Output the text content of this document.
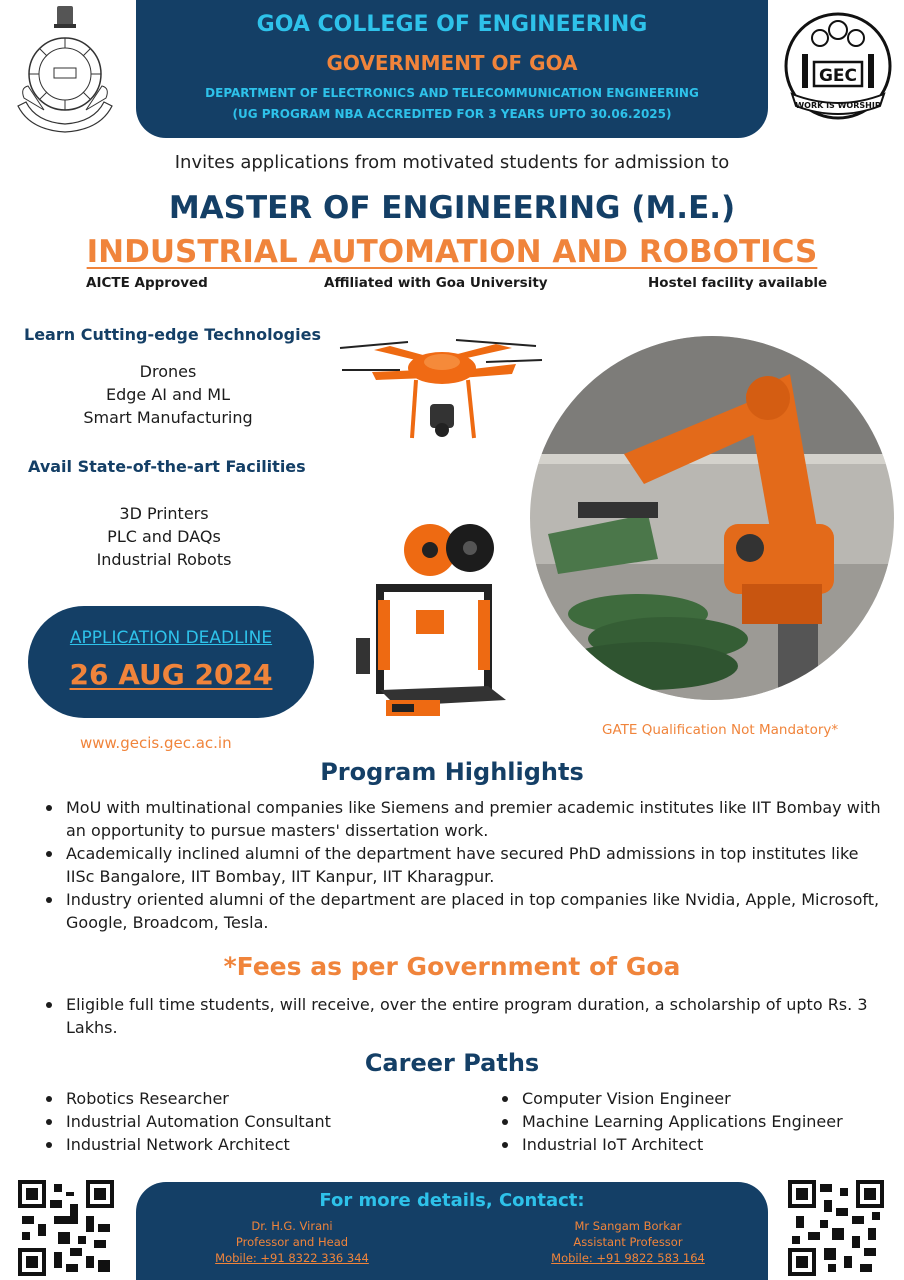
GOA COLLEGE OF ENGINEERING
GOVERNMENT OF GOA
DEPARTMENT OF ELECTRONICS AND TELECOMMUNICATION ENGINEERING
(UG PROGRAM NBA ACCREDITED FOR 3 YEARS UPTO 30.06.2025)
GEC
WORK IS WORSHIP
Invites applications from motivated students for admission to
MASTER OF ENGINEERING (M.E.)
INDUSTRIAL AUTOMATION AND ROBOTICS
AICTE Approved	Affiliated with Goa University	Hostel facility available
Learn Cutting-edge Technologies
Drones
Edge AI and ML
Smart Manufacturing
Avail State-of-the-art Facilities
3D Printers
PLC and DAQs
Industrial Robots
APPLICATION DEADLINE
26 AUG 2024
www.gecis.gec.ac.in
GATE Qualification Not Mandatory*
Program Highlights
MoU with multinational companies like Siemens and premier academic institutes like IIT Bombay with an opportunity to pursue masters' dissertation work.
Academically inclined alumni of the department have secured PhD admissions in top institutes like IISc Bangalore, IIT Bombay, IIT Kanpur, IIT Kharagpur.
Industry oriented alumni of the department are placed in top companies like Nvidia, Apple, Microsoft, Google, Broadcom, Tesla.
*Fees as per Government of Goa
Eligible full time students, will receive, over the entire program duration, a scholarship of upto Rs. 3 Lakhs.
Career Paths
Robotics Researcher
Industrial Automation Consultant
Industrial Network Architect
Computer Vision Engineer
Machine Learning Applications Engineer
Industrial IoT Architect
For more details, Contact:
Dr. H.G. Virani
Professor and Head
Mobile: +91 8322 336 344
Mr Sangam Borkar
Assistant Professor
Mobile: +91 9822 583 164
